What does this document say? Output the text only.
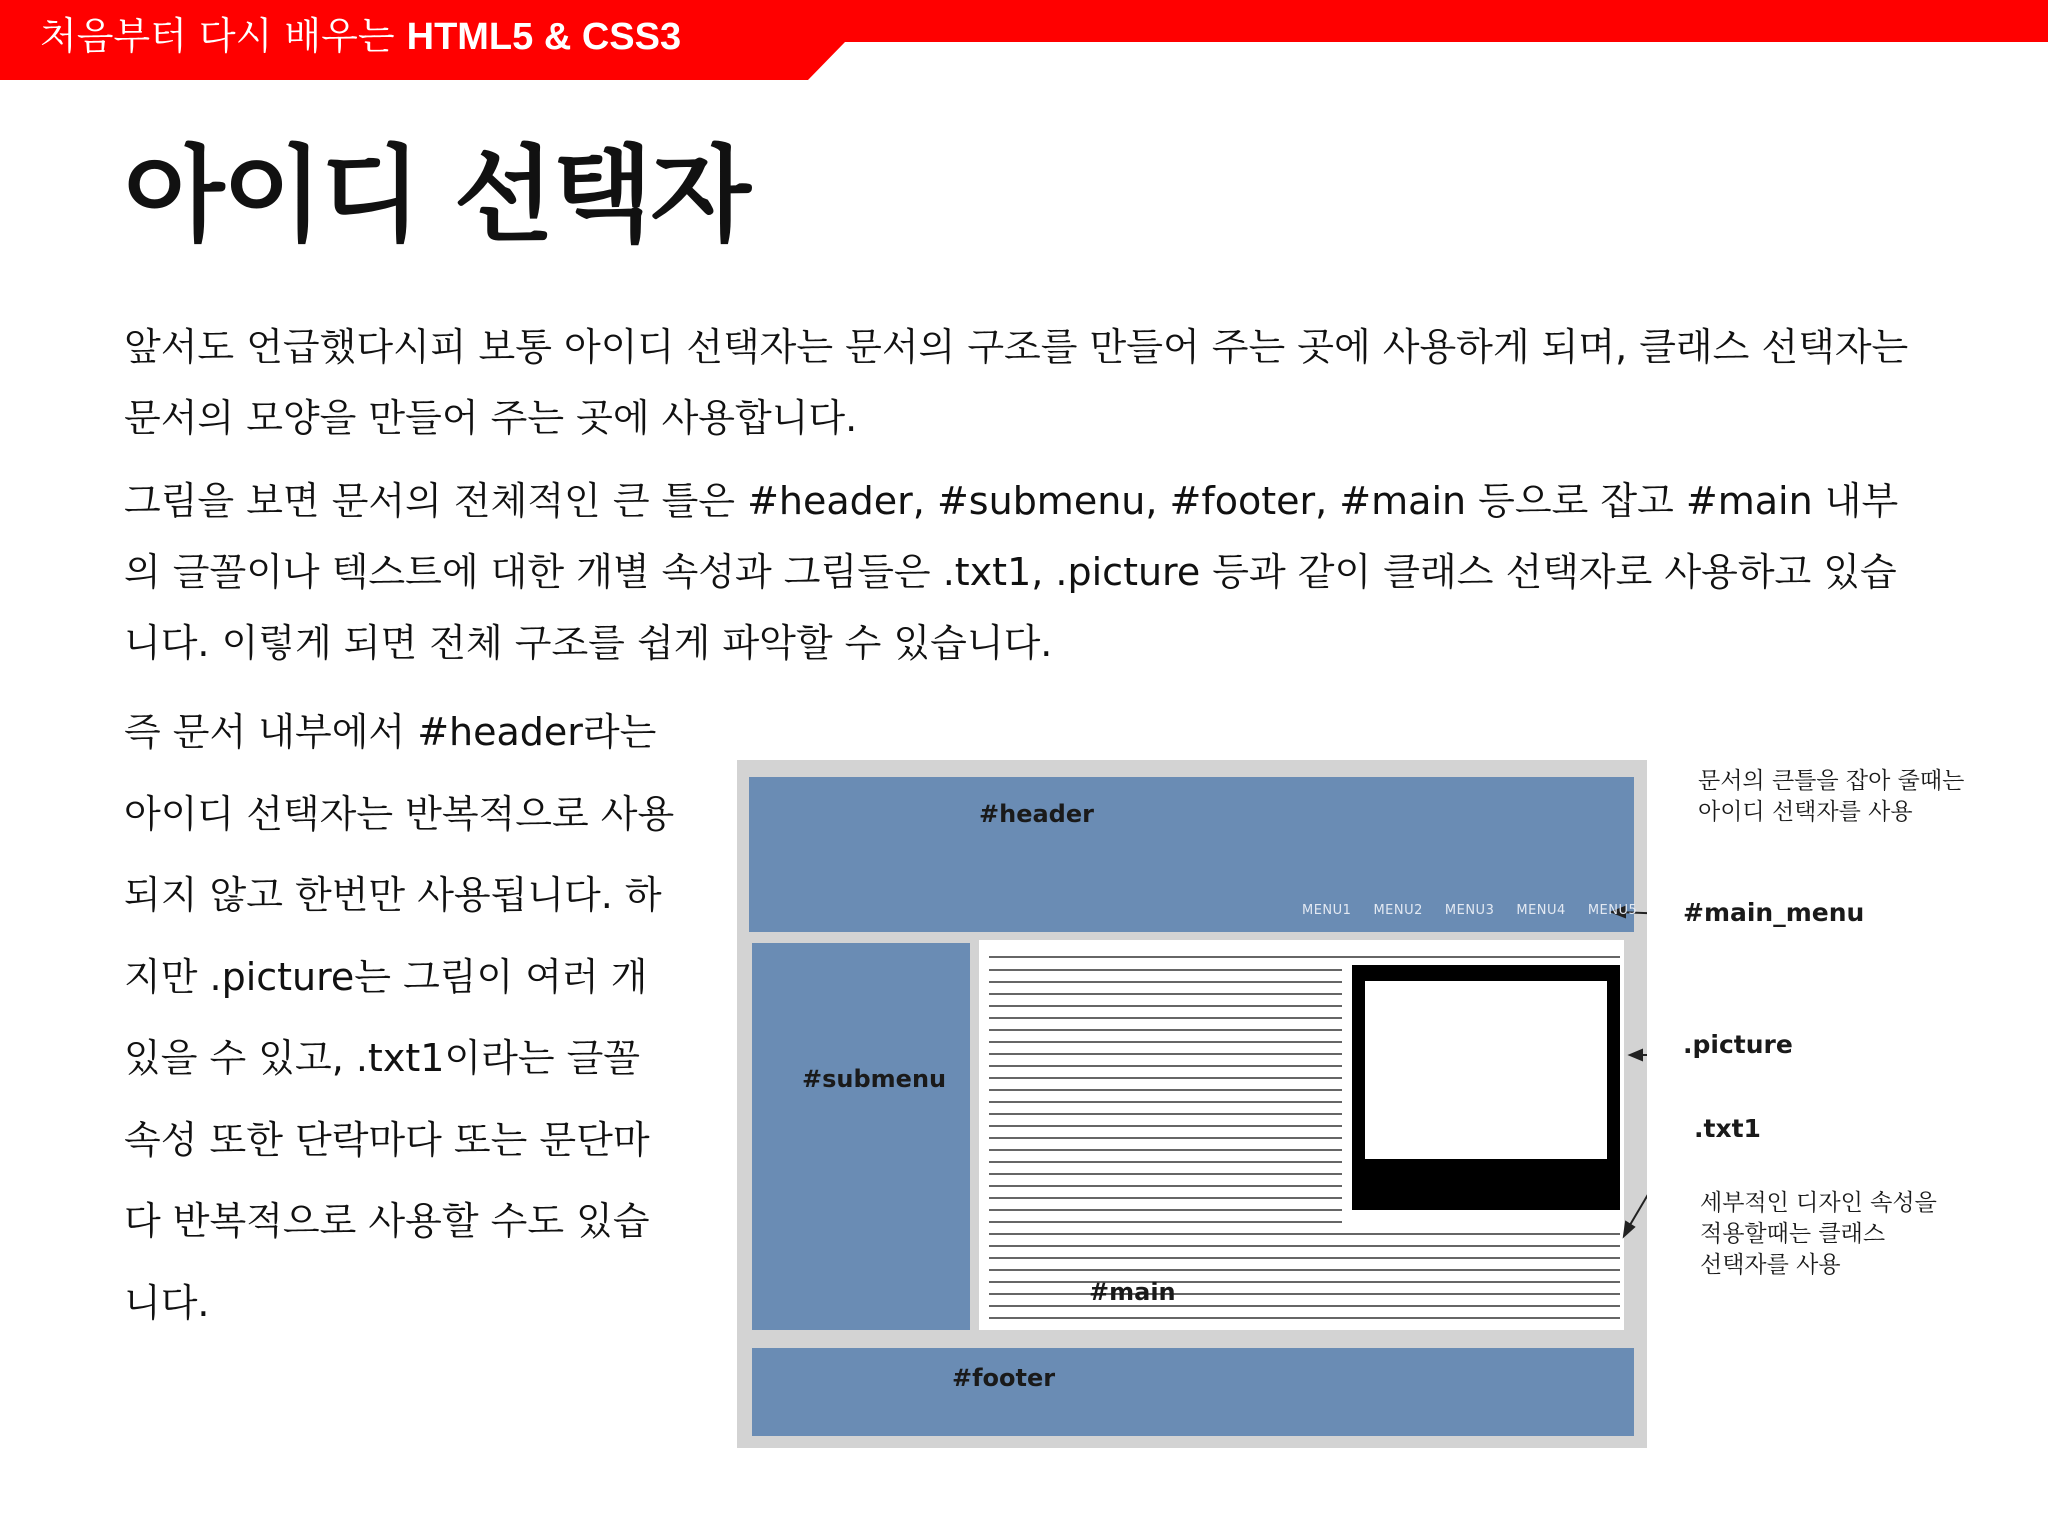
처음부터 다시 배우는 HTML5 & CSS3
아이디 선택자

앞서도 언급했다시피 보통 아이디 선택자는 문서의 구조를 만들어 주는 곳에 사용하게 되며, 클래스 선택자는 문서의 모양을 만들어 주는 곳에 사용합니다.

그림을 보면 문서의 전체적인 큰 틀은 #header, #submenu, #footer, #main 등으로 잡고 #main 내부의 글꼴이나 텍스트에 대한 개별 속성과 그림들은 .txt1, .picture 등과 같이 클래스 선택자로 사용하고 있습니다. 이렇게 되면 전체 구조를 쉽게 파악할 수 있습니다.

즉 문서 내부에서 #header라는 아이디 선택자는 반복적으로 사용되지 않고 한번만 사용됩니다. 하지만 .picture는 그림이 여러 개 있을 수 있고, .txt1이라는 글꼴 속성 또한 단락마다 또는 문단마다 반복적으로 사용할 수도 있습니다.

#header
MENU1 MENU2 MENU3 MENU4 MENU5
#submenu
#main
#footer
문서의 큰틀을 잡아 줄때는
아이디 선택자를 사용
#main_menu
.picture
.txt1
세부적인 디자인 속성을
적용할때는 클래스
선택자를 사용
